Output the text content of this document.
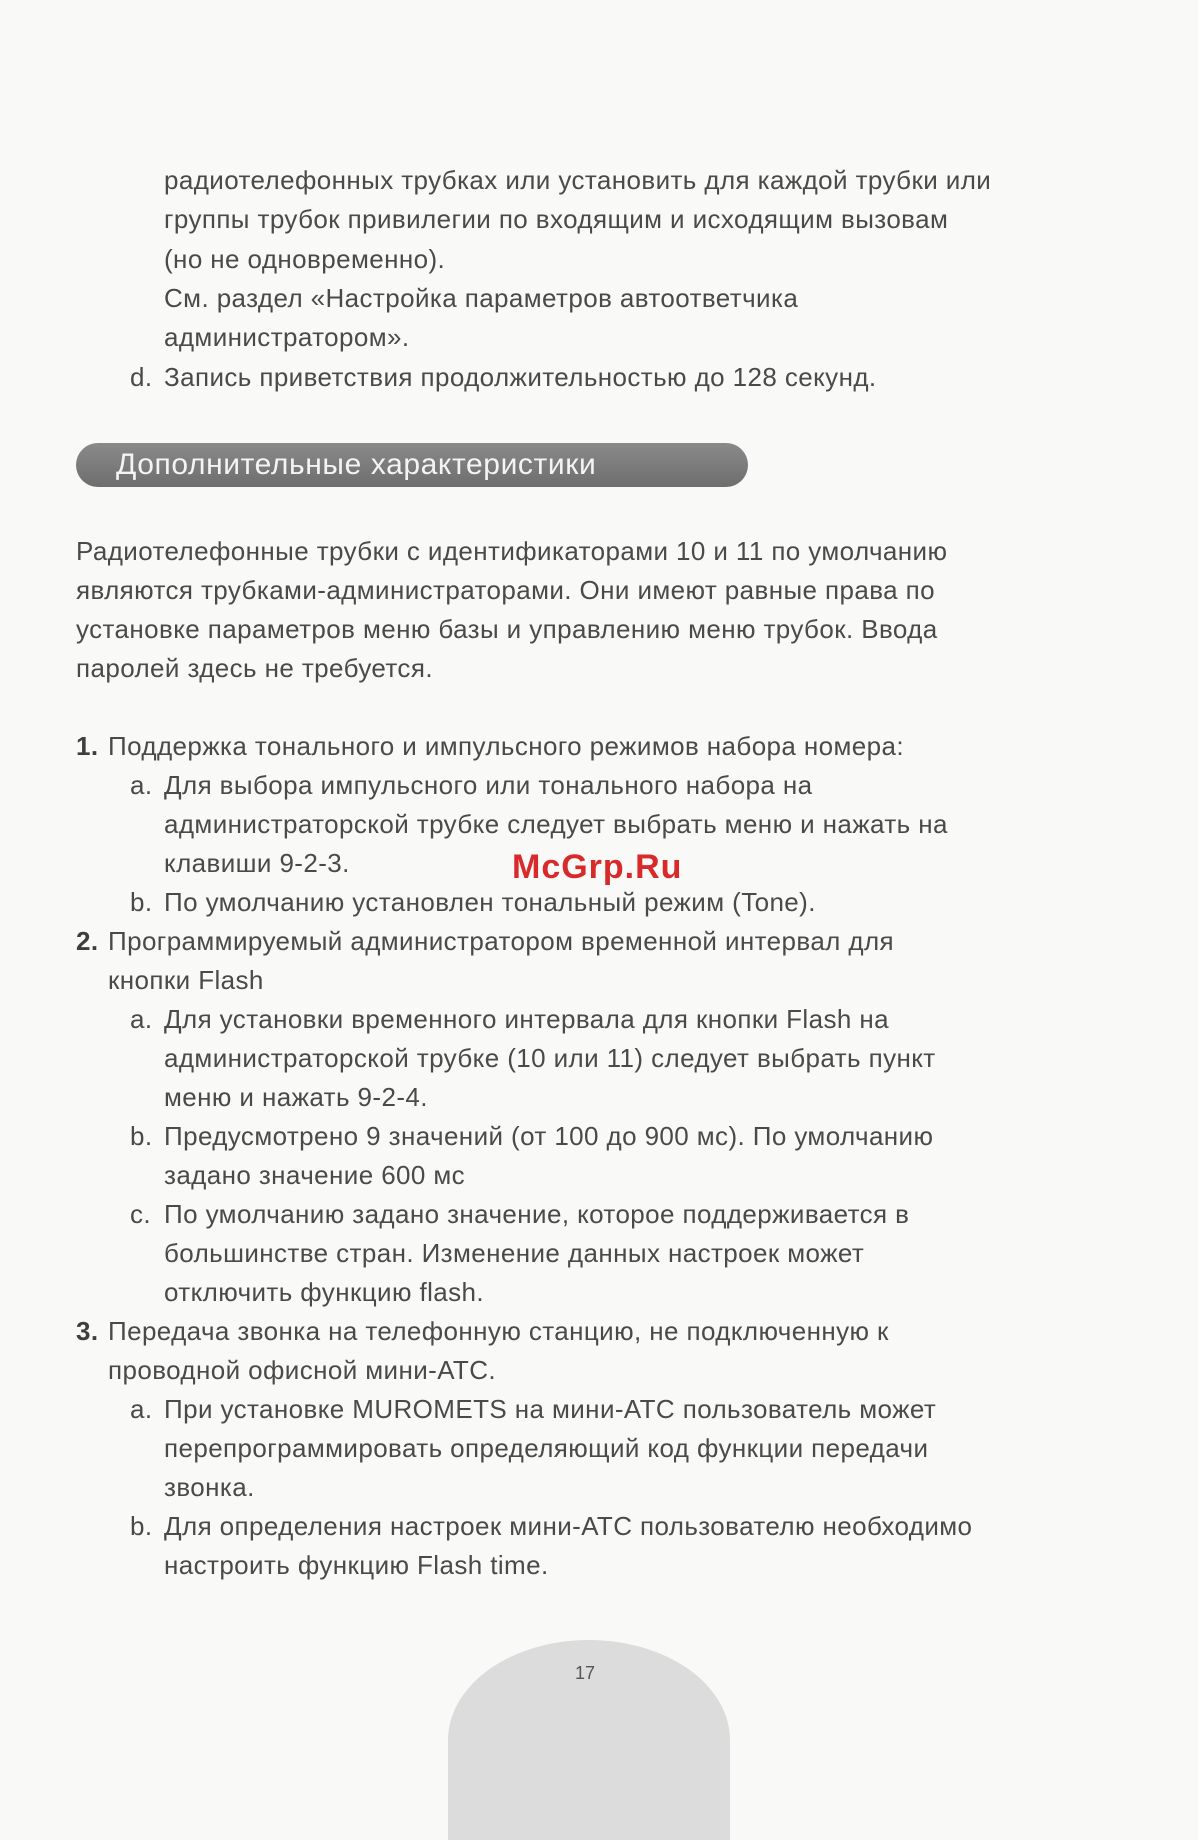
радиотелефонных трубках или установить для каждой трубки или
группы трубок привилегии по входящим и исходящим вызовам
(но не одновременно).
См. раздел «Настройка параметров автоответчика
администратором».
d. Запись приветствия продолжительностью до 128 секунд.
Дополнительные характеристики
Радиотелефонные трубки с идентификаторами 10 и 11 по умолчанию
являются трубками-администраторами. Они имеют равные права по
установке параметров меню базы и управлению меню трубок. Ввода
паролей здесь не требуется.
1. Поддержка тонального и импульсного режимов набора номера:
a. Для выбора импульсного или тонального набора на
администраторской трубке следует выбрать меню и нажать на
клавиши 9-2-3.
b. По умолчанию установлен тональный режим (Tone).
2. Программируемый администратором временной интервал для
кнопки Flash
a. Для установки временного интервала для кнопки Flash на
администраторской трубке (10 или 11) следует выбрать пункт
меню и нажать 9-2-4.
b. Предусмотрено 9 значений (от 100 до 900 мс). По умолчанию
задано значение 600 мс
c. По умолчанию задано значение, которое поддерживается в
большинстве стран. Изменение данных настроек может
отключить функцию flash.
3. Передача звонка на телефонную станцию, не подключенную к
проводной офисной мини-АТС.
a. При установке MUROMETS на мини-АТС пользователь может
перепрограммировать определяющий код функции передачи
звонка.
b. Для определения настроек мини-АТС пользователю необходимо
настроить функцию Flash time.
McGrp.Ru
17
